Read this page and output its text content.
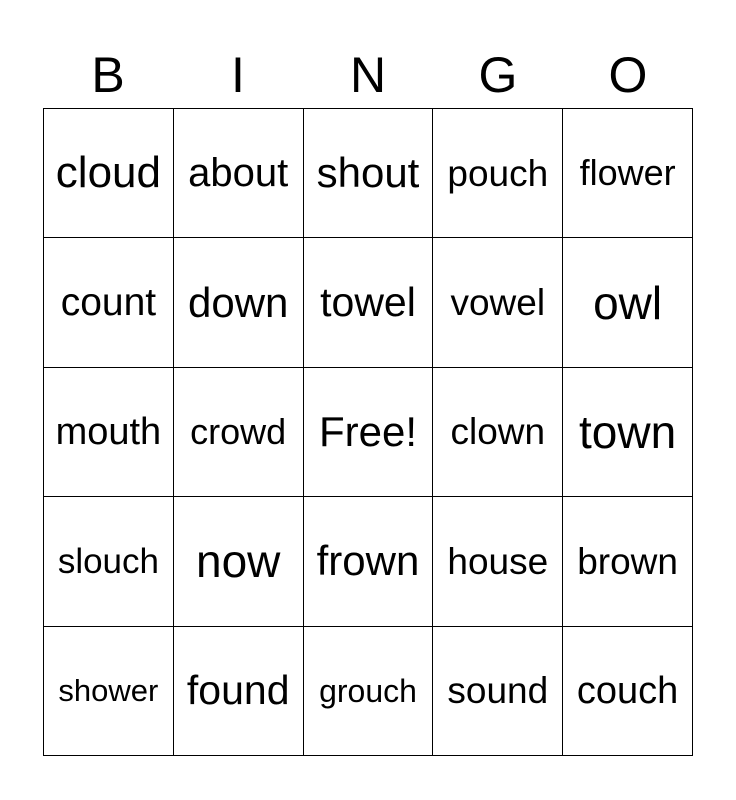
B	I	N	G	O
cloud about shout pouch flower
count down towel vowel	owl
mouth crowd Free! clown town
slouch now frown house brown
shower found grouch sound couch
